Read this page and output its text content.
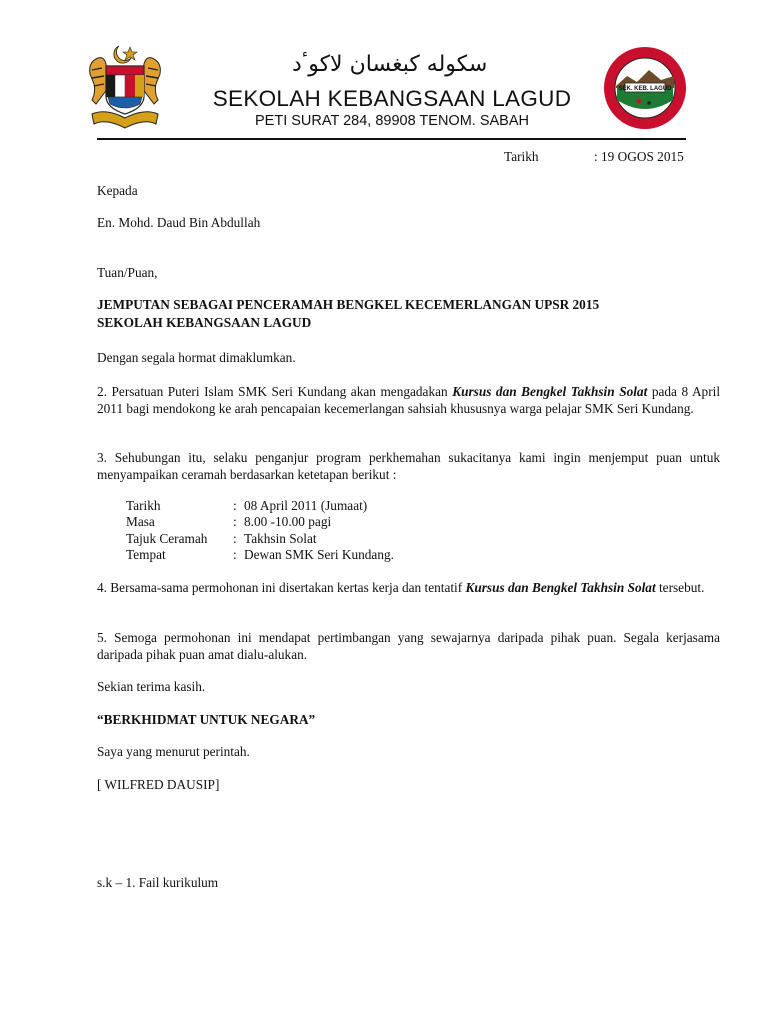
سكوله كبغسان لاكوٴد
SEKOLAH KEBANGSAAN LAGUD
PETI SURAT 284, 89908 TENOM. SABAH
SEK. KEB. LAGUD
Tarikh	: 19 OGOS 2015
Kepada
En. Mohd. Daud Bin Abdullah
Tuan/Puan,
JEMPUTAN SEBAGAI PENCERAMAH BENGKEL KECEMERLANGAN UPSR 2015
SEKOLAH KEBANGSAAN LAGUD
Dengan segala hormat dimaklumkan.
2. Persatuan Puteri Islam SMK Seri Kundang akan mengadakan Kursus dan Bengkel Takhsin Solat pada 8 April 2011 bagi mendokong ke arah pencapaian kecemerlangan sahsiah khususnya warga pelajar SMK Seri Kundang.
3. Sehubungan itu, selaku penganjur program perkhemahan sukacitanya kami ingin menjemput puan untuk menyampaikan ceramah berdasarkan ketetapan berikut :
Tarikh	: 08 April 2011 (Jumaat)
Masa	: 8.00 -10.00 pagi
Tajuk Ceramah : Takhsin Solat
Tempat	: Dewan SMK Seri Kundang.
4. Bersama-sama permohonan ini disertakan kertas kerja dan tentatif Kursus dan Bengkel Takhsin Solat tersebut.
5. Semoga permohonan ini mendapat pertimbangan yang sewajarnya daripada pihak puan. Segala kerjasama daripada pihak puan amat dialu-alukan.
Sekian terima kasih.
“BERKHIDMAT UNTUK NEGARA”
Saya yang menurut perintah.
[ WILFRED DAUSIP]
s.k – 1. Fail kurikulum
